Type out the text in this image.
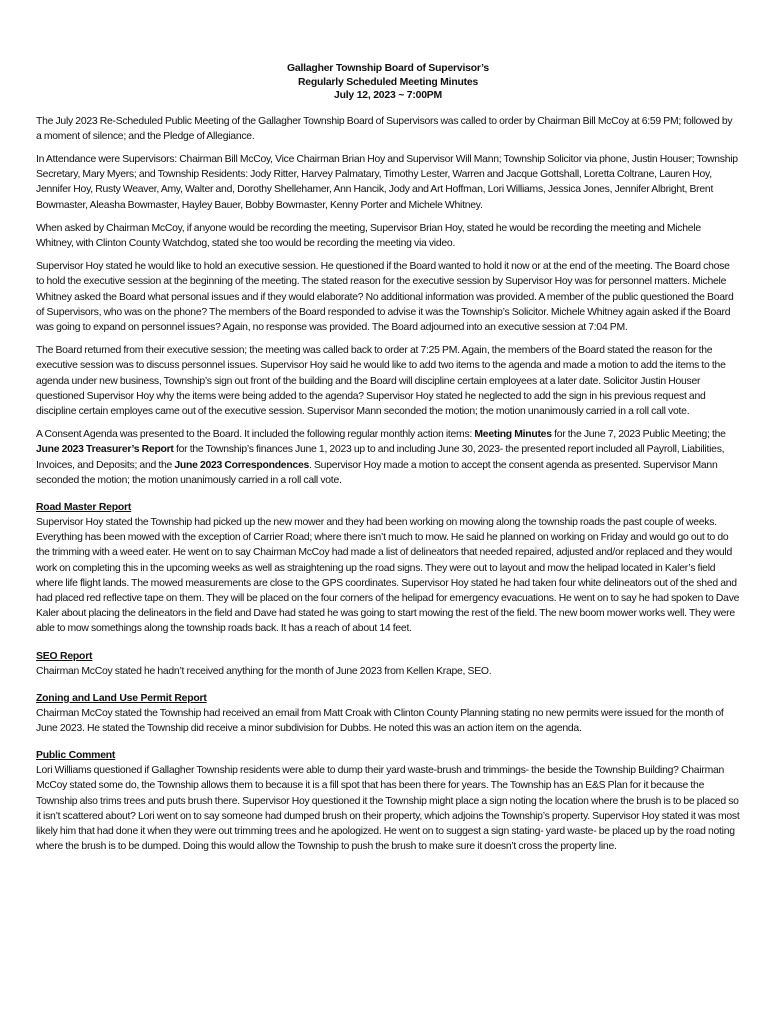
Gallagher Township Board of Supervisor’s
Regularly Scheduled Meeting Minutes
July 12, 2023 ~ 7:00PM

The July 2023 Re-Scheduled Public Meeting of the Gallagher Township Board of Supervisors was called to order by Chairman Bill McCoy at 6:59 PM; followed by a moment of silence; and the Pledge of Allegiance.

In Attendance were Supervisors: Chairman Bill McCoy, Vice Chairman Brian Hoy and Supervisor Will Mann; Township Solicitor via phone, Justin Houser; Township Secretary, Mary Myers; and Township Residents: Jody Ritter, Harvey Palmatary, Timothy Lester, Warren and Jacque Gottshall, Loretta Coltrane, Lauren Hoy, Jennifer Hoy, Rusty Weaver, Amy, Walter and, Dorothy Shellehamer, Ann Hancik, Jody and Art Hoffman, Lori Williams, Jessica Jones, Jennifer Albright, Brent Bowmaster, Aleasha Bowmaster, Hayley Bauer, Bobby Bowmaster, Kenny Porter and Michele Whitney.

When asked by Chairman McCoy, if anyone would be recording the meeting, Supervisor Brian Hoy, stated he would be recording the meeting and Michele Whitney, with Clinton County Watchdog, stated she too would be recording the meeting via video.

Supervisor Hoy stated he would like to hold an executive session. He questioned if the Board wanted to hold it now or at the end of the meeting. The Board chose to hold the executive session at the beginning of the meeting. The stated reason for the executive session by Supervisor Hoy was for personnel matters. Michele Whitney asked the Board what personal issues and if they would elaborate? No additional information was provided. A member of the public questioned the Board of Supervisors, who was on the phone? The members of the Board responded to advise it was the Township’s Solicitor. Michele Whitney again asked if the Board was going to expand on personnel issues? Again, no response was provided. The Board adjourned into an executive session at 7:04 PM.

The Board returned from their executive session; the meeting was called back to order at 7:25 PM. Again, the members of the Board stated the reason for the executive session was to discuss personnel issues. Supervisor Hoy said he would like to add two items to the agenda and made a motion to add the items to the agenda under new business, Township’s sign out front of the building and the Board will discipline certain employees at a later date. Solicitor Justin Houser questioned Supervisor Hoy why the items were being added to the agenda? Supervisor Hoy stated he neglected to add the sign in his previous request and discipline certain employes came out of the executive session. Supervisor Mann seconded the motion; the motion unanimously carried in a roll call vote.

A Consent Agenda was presented to the Board. It included the following regular monthly action items: Meeting Minutes for the June 7, 2023 Public Meeting; the June 2023 Treasurer’s Report for the Township’s finances June 1, 2023 up to and including June 30, 2023- the presented report included all Payroll, Liabilities, Invoices, and Deposits; and the June 2023 Correspondences. Supervisor Hoy made a motion to accept the consent agenda as presented. Supervisor Mann seconded the motion; the motion unanimously carried in a roll call vote.

Road Master Report

Supervisor Hoy stated the Township had picked up the new mower and they had been working on mowing along the township roads the past couple of weeks. Everything has been mowed with the exception of Carrier Road; where there isn’t much to mow. He said he planned on working on Friday and would go out to do the trimming with a weed eater. He went on to say Chairman McCoy had made a list of delineators that needed repaired, adjusted and/or replaced and they would work on completing this in the upcoming weeks as well as straightening up the road signs. They were out to layout and mow the helipad located in Kaler’s field where life flight lands. The mowed measurements are close to the GPS coordinates. Supervisor Hoy stated he had taken four white delineators out of the shed and had placed red reflective tape on them. They will be placed on the four corners of the helipad for emergency evacuations. He went on to say he had spoken to Dave Kaler about placing the delineators in the field and Dave had stated he was going to start mowing the rest of the field. The new boom mower works well. They were able to mow somethings along the township roads back. It has a reach of about 14 feet.

SEO Report

Chairman McCoy stated he hadn’t received anything for the month of June 2023 from Kellen Krape, SEO.

Zoning and Land Use Permit Report

Chairman McCoy stated the Township had received an email from Matt Croak with Clinton County Planning stating no new permits were issued for the month of June 2023. He stated the Township did receive a minor subdivision for Dubbs. He noted this was an action item on the agenda.

Public Comment

Lori Williams questioned if Gallagher Township residents were able to dump their yard waste-brush and trimmings- the beside the Township Building? Chairman McCoy stated some do, the Township allows them to because it is a fill spot that has been there for years. The Township has an E&S Plan for it because the Township also trims trees and puts brush there. Supervisor Hoy questioned it the Township might place a sign noting the location where the brush is to be placed so it isn’t scattered about? Lori went on to say someone had dumped brush on their property, which adjoins the Township’s property. Supervisor Hoy stated it was most likely him that had done it when they were out trimming trees and he apologized. He went on to suggest a sign stating- yard waste- be placed up by the road noting where the brush is to be dumped. Doing this would allow the Township to push the brush to make sure it doesn’t cross the property line.
